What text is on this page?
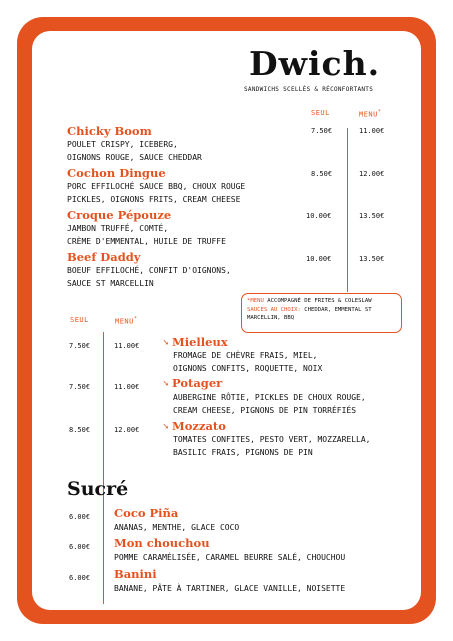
Dwich.
SANDWICHS SCELLÉS & RÉCONFORTANTS
SEUL	MENU*
Chicky Boom
POULET CRISPY, ICEBERG,
OIGNONS ROUGE, SAUCE CHEDDAR
7.50€	11.00€
Cochon Dingue
PORC EFFILOCHÉ SAUCE BBQ, CHOUX ROUGE
PICKLES, OIGNONS FRITS, CREAM CHEESE
8.50€	12.00€
Croque Pépouze
JAMBON TRUFFÉ, COMTÉ,
CRÈME D'EMMENTAL, HUILE DE TRUFFE
10.00€	13.50€
Beef Daddy
BOEUF EFFILOCHÉ, CONFIT D'OIGNONS,
SAUCE ST MARCELLIN
10.00€	13.50€
*MENU ACCOMPAGNÉ DE FRITES & COLESLAW
SAUCES AU CHOIX: CHEDDAR, EMMENTAL ST MARCELLIN, BBQ
SEUL	MENU*
7.50€	11.00€	➘ Mielleux
FROMAGE DE CHÈVRE FRAIS, MIEL,
OIGNONS CONFITS, ROQUETTE, NOIX
7.50€	11.00€	➘ Potager
AUBERGINE RÔTIE, PICKLES DE CHOUX ROUGE,
CREAM CHEESE, PIGNONS DE PIN TORRÉFIÉS
8.50€	12.00€	➘ Mozzato
TOMATES CONFITES, PESTO VERT, MOZZARELLA,
BASILIC FRAIS, PIGNONS DE PIN
Sucré
6.00€ Coco Piña
ANANAS, MENTHE, GLACE COCO
6.00€ Mon chouchou
POMME CARAMÉLISÉE, CARAMEL BEURRE SALÉ, CHOUCHOU
6.00€ Banini
BANANE, PÂTE À TARTINER, GLACE VANILLE, NOISETTE
